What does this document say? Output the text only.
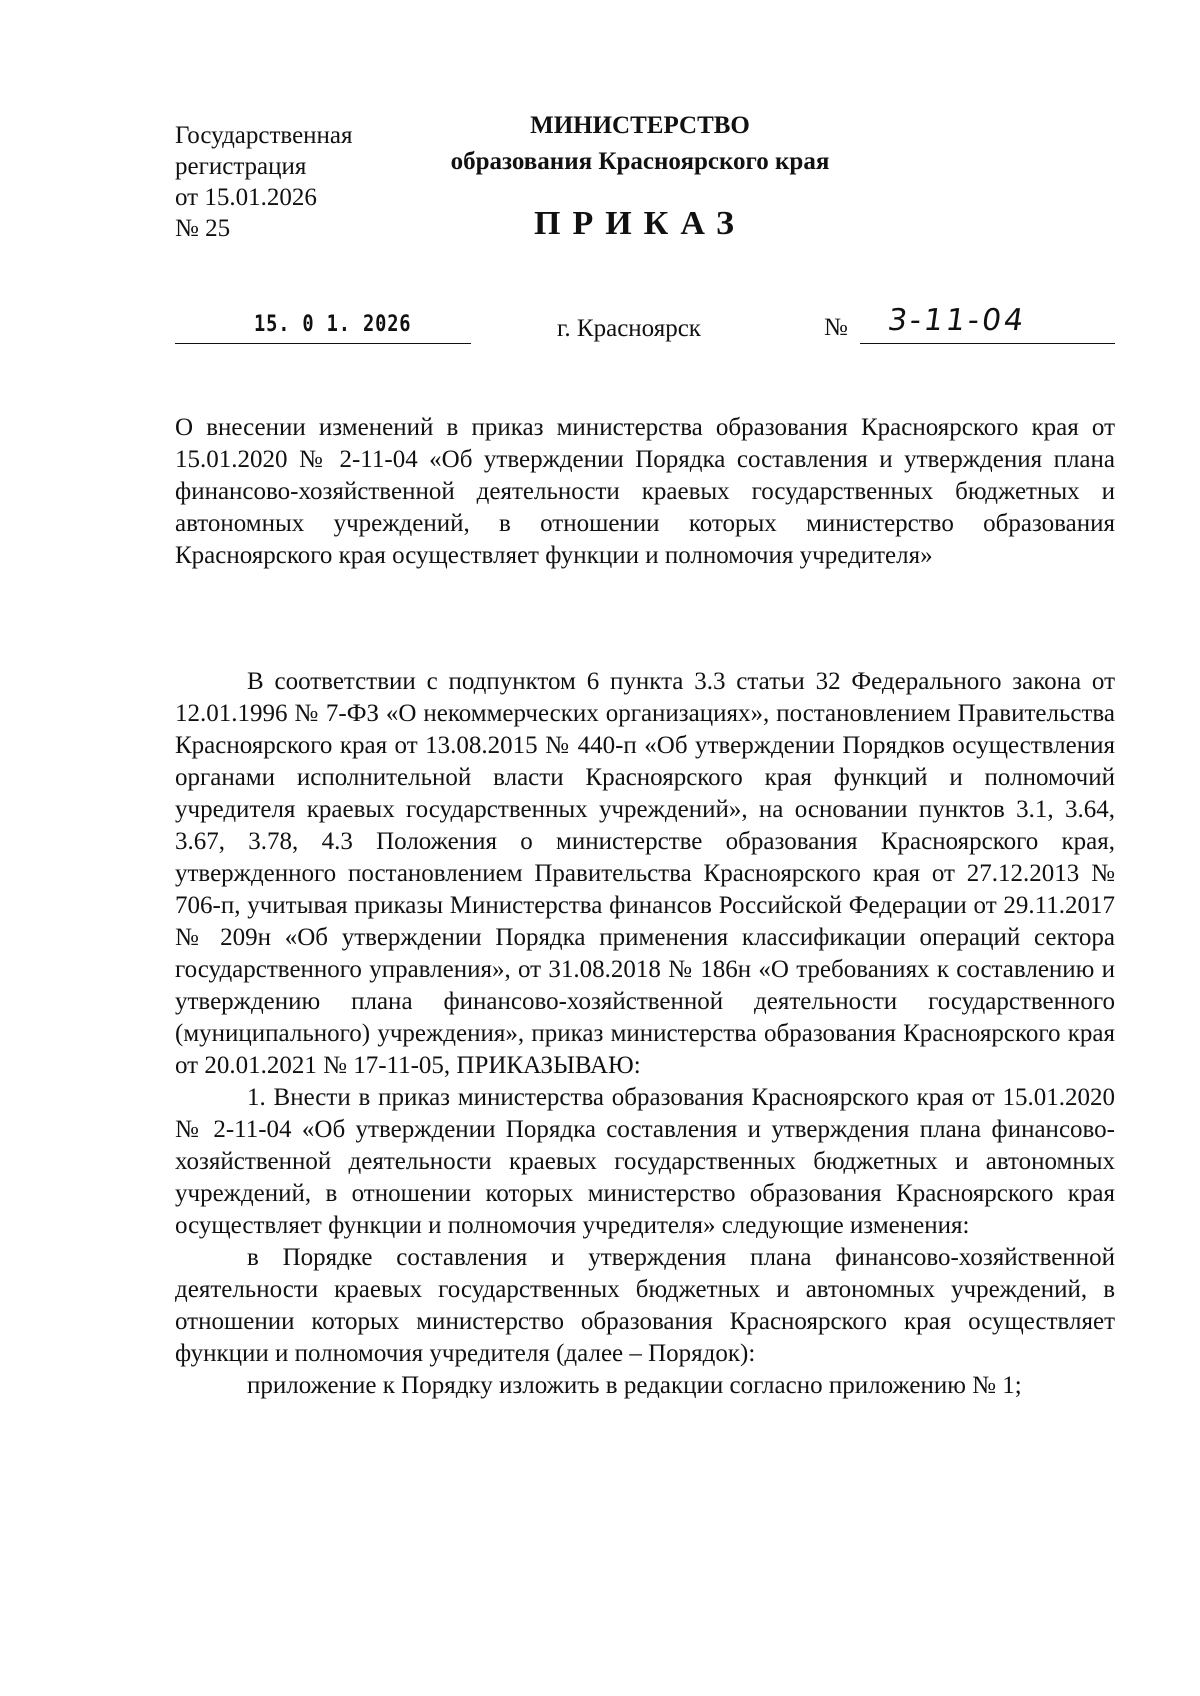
Государственная
регистрация
от 15.01.2026
№ 25
МИНИСТЕРСТВО
образования Красноярского края
ПРИКАЗ
15. 0 1. 2026	г. Красноярск	№ 3-11-04
О внесении изменений в приказ министерства образования Красноярского края от 15.01.2020 № 2-11-04 «Об утверждении Порядка составления и утверждения плана финансово-хозяйственной деятельности краевых государственных бюджетных и автономных учреждений, в отношении которых министерство образования Красноярского края осуществляет функции и полномочия учредителя»

В соответствии с подпунктом 6 пункта 3.3 статьи 32 Федерального закона от 12.01.1996 № 7-ФЗ «О некоммерческих организациях», постановлением Правительства Красноярского края от 13.08.2015 № 440-п «Об утверждении Порядков осуществления органами исполнительной власти Красноярского края функций и полномочий учредителя краевых государственных учреждений», на основании пунктов 3.1, 3.64, 3.67, 3.78, 4.3 Положения о министерстве образования Красноярского края, утвержденного постановлением Правительства Красноярского края от 27.12.2013 № 706-п, учитывая приказы Министерства финансов Российской Федерации от 29.11.2017 № 209н «Об утверждении Порядка применения классификации операций сектора государственного управления», от 31.08.2018 № 186н «О требованиях к составлению и утверждению плана финансово-хозяйственной деятельности государственного (муниципального) учреждения», приказ министерства образования Красноярского края от 20.01.2021 № 17-11-05, ПРИКАЗЫВАЮ:

1. Внести в приказ министерства образования Красноярского края от 15.01.2020 № 2-11-04 «Об утверждении Порядка составления и утверждения плана финансово-хозяйственной деятельности краевых государственных бюджетных и автономных учреждений, в отношении которых министерство образования Красноярского края осуществляет функции и полномочия учредителя» следующие изменения:

в Порядке составления и утверждения плана финансово-хозяйственной деятельности краевых государственных бюджетных и автономных учреждений, в отношении которых министерство образования Красноярского края осуществляет функции и полномочия учредителя (далее – Порядок):

приложение к Порядку изложить в редакции согласно приложению № 1;
